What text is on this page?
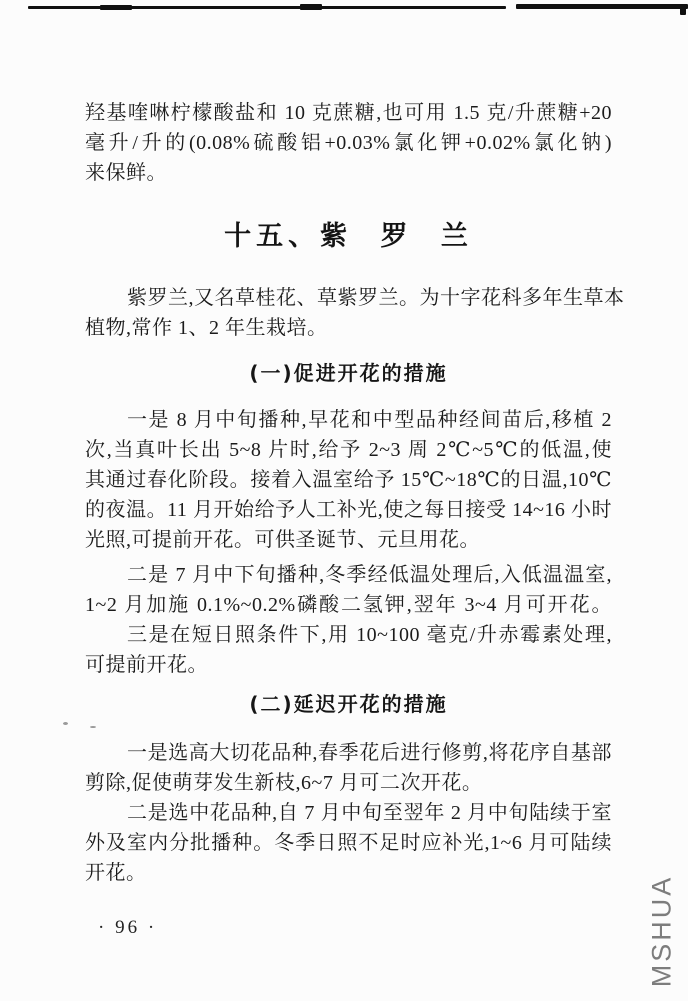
羟基喹啉柠檬酸盐和 10 克蔗糖,也可用 1.5 克/升蔗糖+20
毫升/升的(0.08%硫酸铝+0.03%氯化钾+0.02%氯化钠)
来保鲜。
十五、紫 罗 兰
紫罗兰,又名草桂花、草紫罗兰。为十字花科多年生草本
植物,常作 1、2 年生栽培。
(一)促进开花的措施
一是 8 月中旬播种,早花和中型品种经间苗后,移植 2
次,当真叶长出 5~8 片时,给予 2~3 周 2℃~5℃的低温,使
其通过春化阶段。接着入温室给予 15℃~18℃的日温,10℃
的夜温。11 月开始给予人工补光,使之每日接受 14~16 小时
光照,可提前开花。可供圣诞节、元旦用花。
二是 7 月中下旬播种,冬季经低温处理后,入低温温室,
1~2 月加施 0.1%~0.2%磷酸二氢钾,翌年 3~4 月可开花。
三是在短日照条件下,用 10~100 毫克/升赤霉素处理,
可提前开花。
(二)延迟开花的措施
一是选高大切花品种,春季花后进行修剪,将花序自基部
剪除,促使萌芽发生新枝,6~7 月可二次开花。
二是选中花品种,自 7 月中旬至翌年 2 月中旬陆续于室
外及室内分批播种。冬季日照不足时应补光,1~6 月可陆续
开花。
· 96 ·	MSHUA
